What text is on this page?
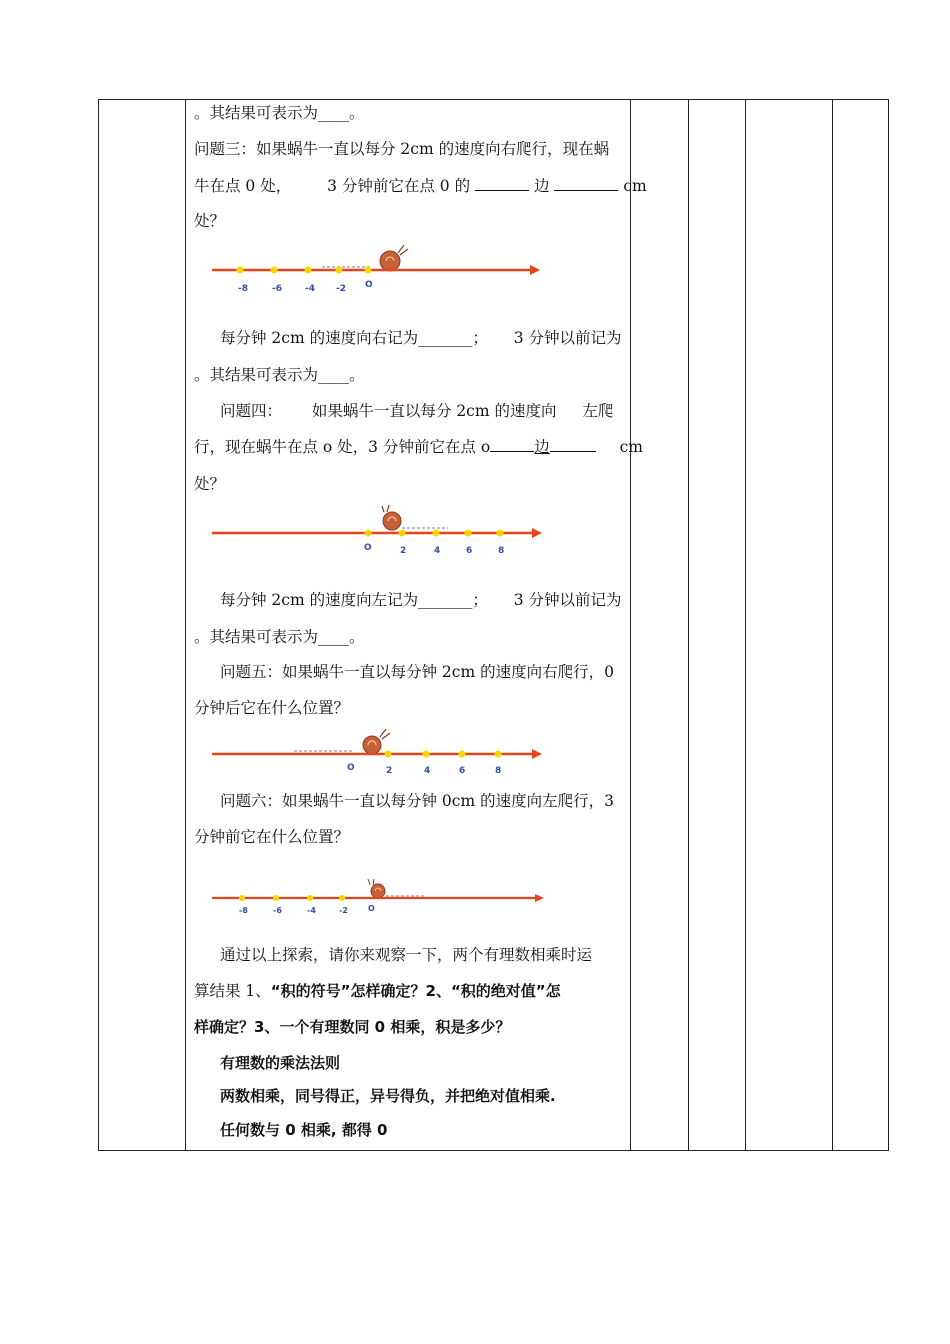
。其结果可表示为____。
问题三：如果蜗牛一直以每分 2cm 的速度向右爬行，现在蜗
牛在点 0 处， 3 分钟前它在点 0 的	边	cm
处？
-8	-6	-4 -2 O
每分钟 2cm 的速度向右记为_______； 3 分钟以前记为
。其结果可表示为____。
问题四： 如果蜗牛一直以每分 2cm 的速度向 左爬
行，现在蜗牛在点 o 处，3 分钟前它在点 o	边	cm
处？
O	2	4	6	8
每分钟 2cm 的速度向左记为_______； 3 分钟以前记为
。其结果可表示为____。
问题五：如果蜗牛一直以每分钟 2cm 的速度向右爬行，0
分钟后它在什么位置？
O	2	4	6	8
问题六：如果蜗牛一直以每分钟 0cm 的速度向左爬行，3
分钟前它在什么位置？
-8	-6	-4	-2	O
通过以上探索，请你来观察一下，两个有理数相乘时运
算结果 1、“积的符号”怎样确定？2、“积的绝对值”怎
样确定？3、一个有理数同 0 相乘，积是多少？
有理数的乘法法则
两数相乘，同号得正，异号得负，并把绝对值相乘.
任何数与 0 相乘, 都得 0
